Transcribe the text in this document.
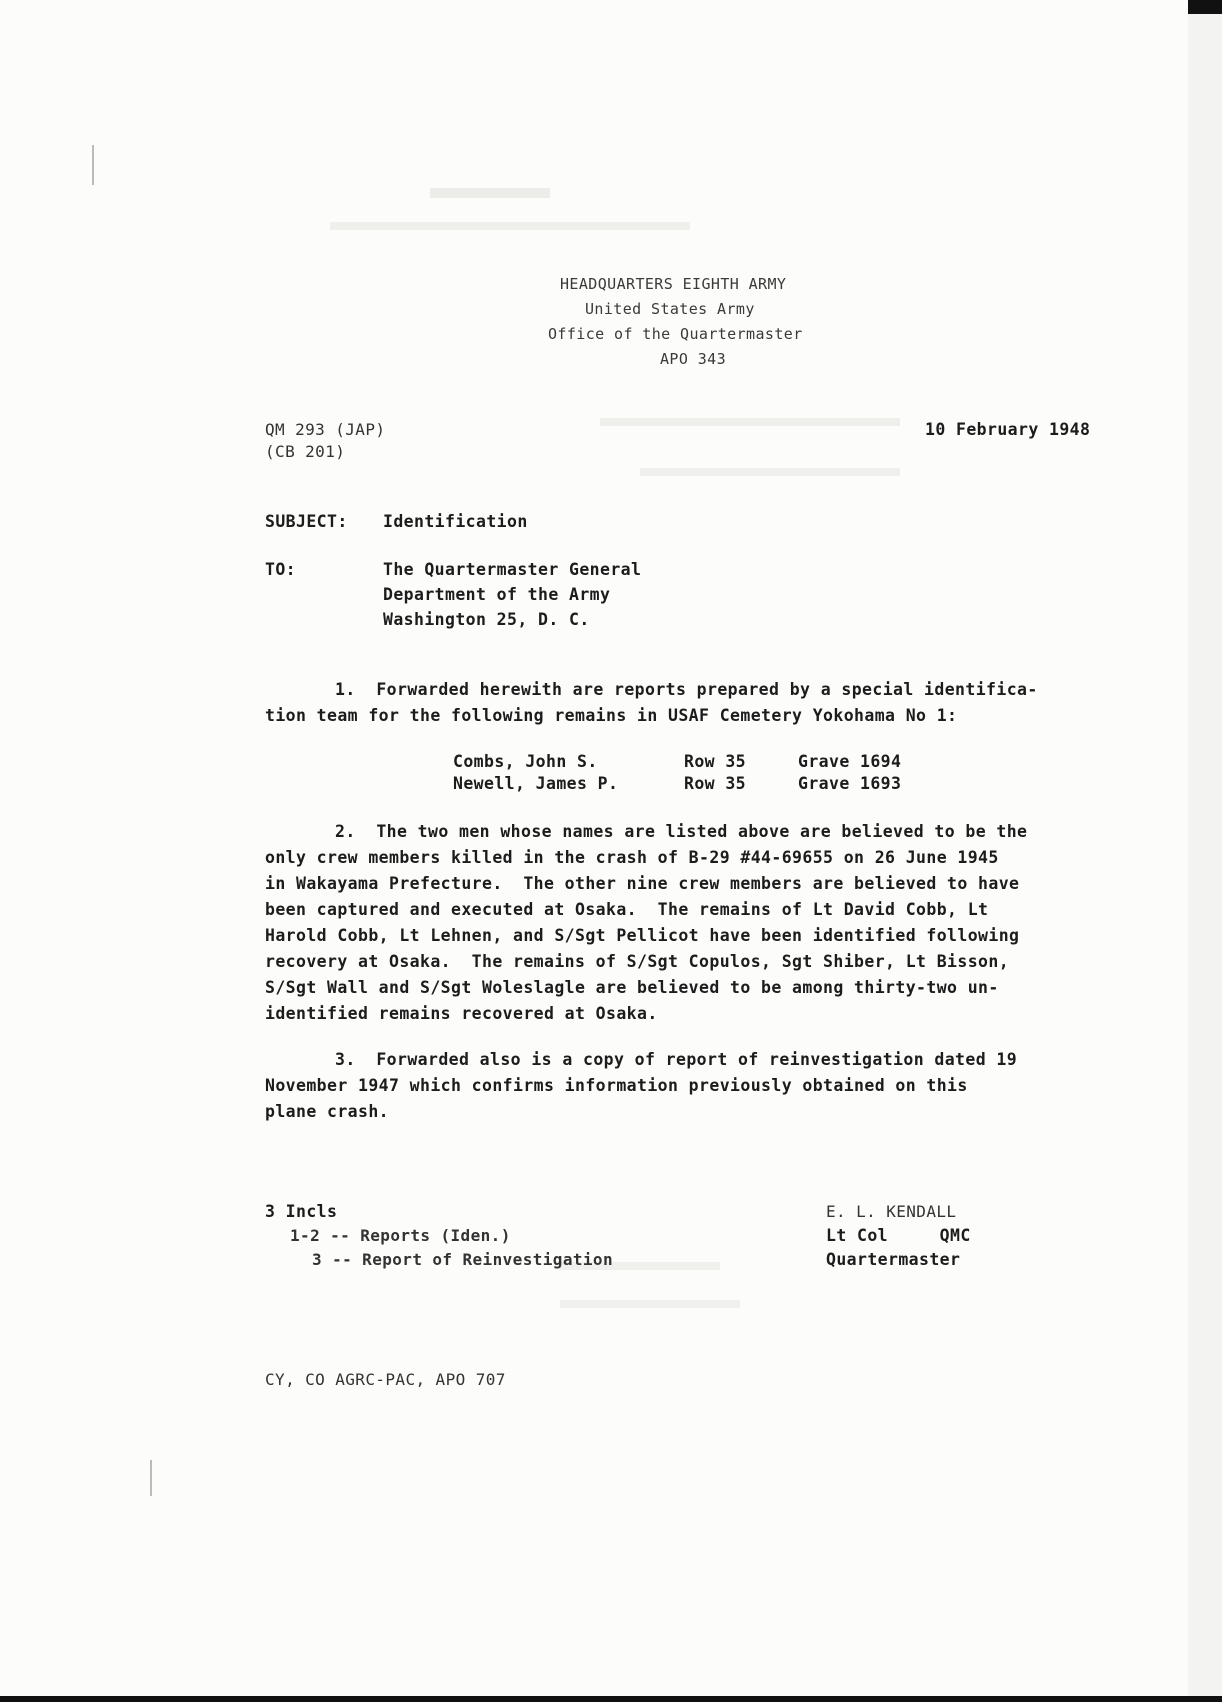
HEADQUARTERS EIGHTH ARMY
United States Army
Office of the Quartermaster
APO 343
QM 293 (JAP)
(CB 201)
10 February 1948
SUBJECT: Identification
TO:	The Quartermaster General
Department of the Army
Washington 25, D. C.
1.  Forwarded herewith are reports prepared by a special identifica-
tion team for the following remains in USAF Cemetery Yokohama No 1:
Combs, John S.	Row 35	Grave 1694
Newell, James P.	Row 35	Grave 1693
2.  The two men whose names are listed above are believed to be the
only crew members killed in the crash of B-29 #44-69655 on 26 June 1945
in Wakayama Prefecture.  The other nine crew members are believed to have
been captured and executed at Osaka.  The remains of Lt David Cobb, Lt
Harold Cobb, Lt Lehnen, and S/Sgt Pellicot have been identified following
recovery at Osaka.  The remains of S/Sgt Copulos, Sgt Shiber, Lt Bisson,
S/Sgt Wall and S/Sgt Woleslagle are believed to be among thirty-two un-
identified remains recovered at Osaka.
3.  Forwarded also is a copy of report of reinvestigation dated 19
November 1947 which confirms information previously obtained on this
plane crash.
3 Incls
1-2 -- Reports (Iden.)
3 -- Report of Reinvestigation
E. L. KENDALL
Lt Col     QMC
Quartermaster
CY, CO AGRC-PAC, APO 707
